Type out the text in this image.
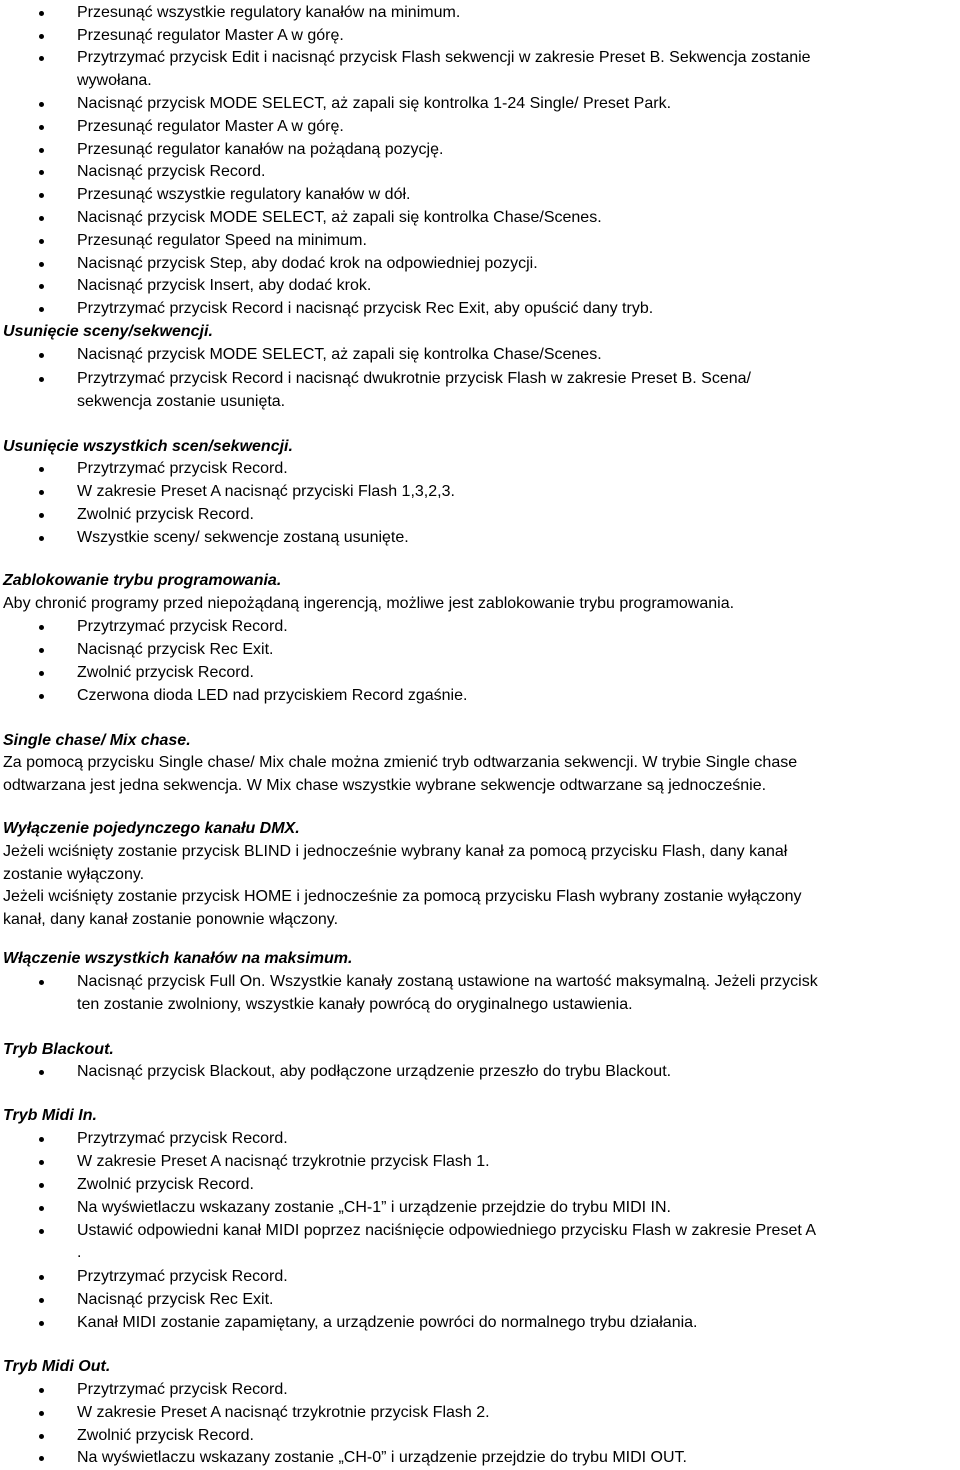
Przesunąć wszystkie regulatory kanałów na minimum.
Przesunąć regulator Master A w górę.
Przytrzymać przycisk Edit i nacisnąć przycisk Flash sekwencji w zakresie Preset B. Sekwencja zostanie
wywołana.
Nacisnąć przycisk MODE SELECT, aż zapali się kontrolka 1-24 Single/ Preset Park.
Przesunąć regulator Master A w górę.
Przesunąć regulator kanałów na pożądaną pozycję.
Nacisnąć przycisk Record.
Przesunąć wszystkie regulatory kanałów w dół.
Nacisnąć przycisk MODE SELECT, aż zapali się kontrolka Chase/Scenes.
Przesunąć regulator Speed na minimum.
Nacisnąć przycisk Step, aby dodać krok na odpowiedniej pozycji.
Nacisnąć przycisk Insert, aby dodać krok.
Przytrzymać przycisk Record i nacisnąć przycisk Rec Exit, aby opuścić dany tryb.
Usunięcie sceny/sekwencji.
Nacisnąć przycisk MODE SELECT, aż zapali się kontrolka Chase/Scenes.
Przytrzymać przycisk Record i nacisnąć dwukrotnie przycisk Flash w zakresie Preset B. Scena/
sekwencja zostanie usunięta.
Usunięcie wszystkich scen/sekwencji.
Przytrzymać przycisk Record.
W zakresie Preset A nacisnąć przyciski Flash 1,3,2,3.
Zwolnić przycisk Record.
Wszystkie sceny/ sekwencje zostaną usunięte.
Zablokowanie trybu programowania.
Aby chronić programy przed niepożądaną ingerencją, możliwe jest zablokowanie trybu programowania.
Przytrzymać przycisk Record.
Nacisnąć przycisk Rec Exit.
Zwolnić przycisk Record.
Czerwona dioda LED nad przyciskiem Record zgaśnie.
Single chase/ Mix chase.
Za pomocą przycisku Single chase/ Mix chale można zmienić tryb odtwarzania sekwencji. W trybie Single chase
odtwarzana jest jedna sekwencja. W Mix chase wszystkie wybrane sekwencje odtwarzane są jednocześnie.
Wyłączenie pojedynczego kanału DMX.
Jeżeli wciśnięty zostanie przycisk BLIND i jednocześnie wybrany kanał za pomocą przycisku Flash, dany kanał
zostanie wyłączony.
Jeżeli wciśnięty zostanie przycisk HOME i jednocześnie za pomocą przycisku Flash wybrany zostanie wyłączony
kanał, dany kanał zostanie ponownie włączony.
Włączenie wszystkich kanałów na maksimum.
Nacisnąć przycisk Full On. Wszystkie kanały zostaną ustawione na wartość maksymalną. Jeżeli przycisk
ten zostanie zwolniony, wszystkie kanały powrócą do oryginalnego ustawienia.
Tryb Blackout.
Nacisnąć przycisk Blackout, aby podłączone urządzenie przeszło do trybu Blackout.
Tryb Midi In.
Przytrzymać przycisk Record.
W zakresie Preset A nacisnąć trzykrotnie przycisk Flash 1.
Zwolnić przycisk Record.
Na wyświetlaczu wskazany zostanie „CH-1” i urządzenie przejdzie do trybu MIDI IN.
Ustawić odpowiedni kanał MIDI poprzez naciśnięcie odpowiedniego przycisku Flash w zakresie Preset A
.
Przytrzymać przycisk Record.
Nacisnąć przycisk Rec Exit.
Kanał MIDI zostanie zapamiętany, a urządzenie powróci do normalnego trybu działania.
Tryb Midi Out.
Przytrzymać przycisk Record.
W zakresie Preset A nacisnąć trzykrotnie przycisk Flash 2.
Zwolnić przycisk Record.
Na wyświetlaczu wskazany zostanie „CH-0” i urządzenie przejdzie do trybu MIDI OUT.
